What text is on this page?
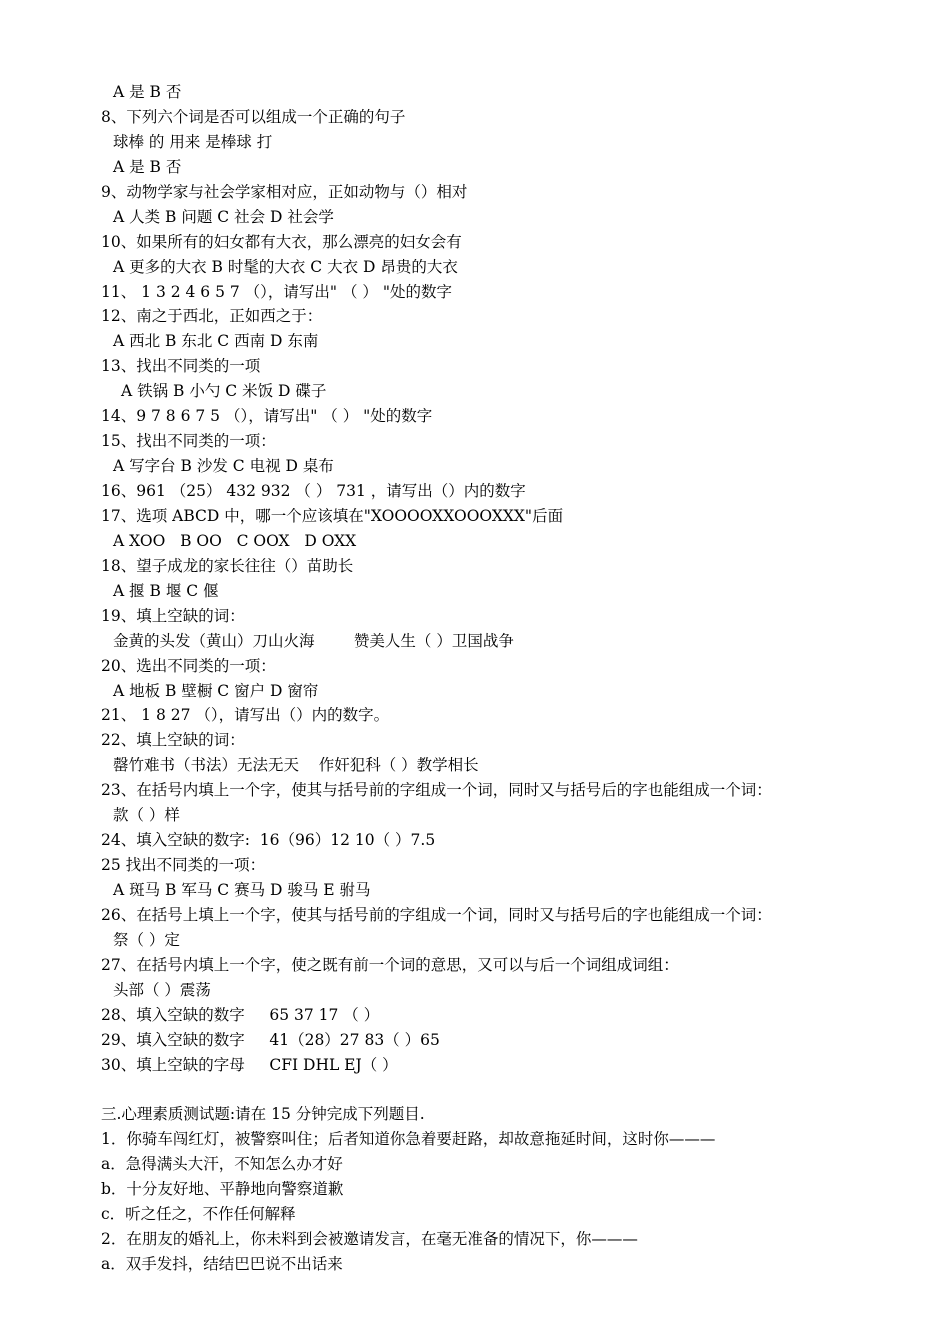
A 是 B 否
8、下列六个词是否可以组成一个正确的句子
球棒 的 用来 是棒球 打
A 是 B 否
9、动物学家与社会学家相对应，正如动物与（）相对
A 人类 B 问题 C 社会 D 社会学
10、如果所有的妇女都有大衣，那么漂亮的妇女会有
A 更多的大衣 B 时髦的大衣 C 大衣 D 昂贵的大衣
11、 1 3 2 4 6 5 7 （），请写出" （ ） "处的数字
12、南之于西北，正如西之于：
A 西北 B 东北 C 西南 D 东南
13、找出不同类的一项
A 铁锅 B 小勺 C 米饭 D 碟子
14、9 7 8 6 7 5 （），请写出" （ ） "处的数字
15、找出不同类的一项：
A 写字台 B 沙发 C 电视 D 桌布
16、961 （25） 432 932 （ ） 731 ，请写出（）内的数字
17、选项 ABCD 中，哪一个应该填在"XOOOOXXOOOXXX"后面
A XOO   B OO   C OOX   D OXX
18、望子成龙的家长往往（）苗助长
A 揠 B 堰 C 偃
19、填上空缺的词：
金黄的头发（黄山）刀山火海        赞美人生（ ）卫国战争
20、选出不同类的一项：
A 地板 B 壁橱 C 窗户 D 窗帘
21、 1 8 27 （），请写出（）内的数字。
22、填上空缺的词：
罄竹难书（书法）无法无天    作奸犯科（ ）教学相长
23、在括号内填上一个字，使其与括号前的字组成一个词，同时又与括号后的字也能组成一个词：
款（ ）样
24、填入空缺的数字:  16（96）12 10（ ）7.5
25 找出不同类的一项：
A 斑马 B 军马 C 赛马 D 骏马 E 驸马
26、在括号上填上一个字，使其与括号前的字组成一个词，同时又与括号后的字也能组成一个词：
祭（ ）定
27、在括号内填上一个字，使之既有前一个词的意思，又可以与后一个词组成词组：
头部（ ）震荡
28、填入空缺的数字     65 37 17 （ ）
29、填入空缺的数字     41（28）27 83（ ）65
30、填上空缺的字母     CFI DHL EJ（ ）
三.心理素质测试题:请在 15 分钟完成下列题目.
1．你骑车闯红灯，被警察叫住；后者知道你急着要赶路，却故意拖延时间，这时你———
a．急得满头大汗，不知怎么办才好
b．十分友好地、平静地向警察道歉
c．听之任之，不作任何解释
2．在朋友的婚礼上，你未料到会被邀请发言，在毫无准备的情况下，你———
a．双手发抖，结结巴巴说不出话来
